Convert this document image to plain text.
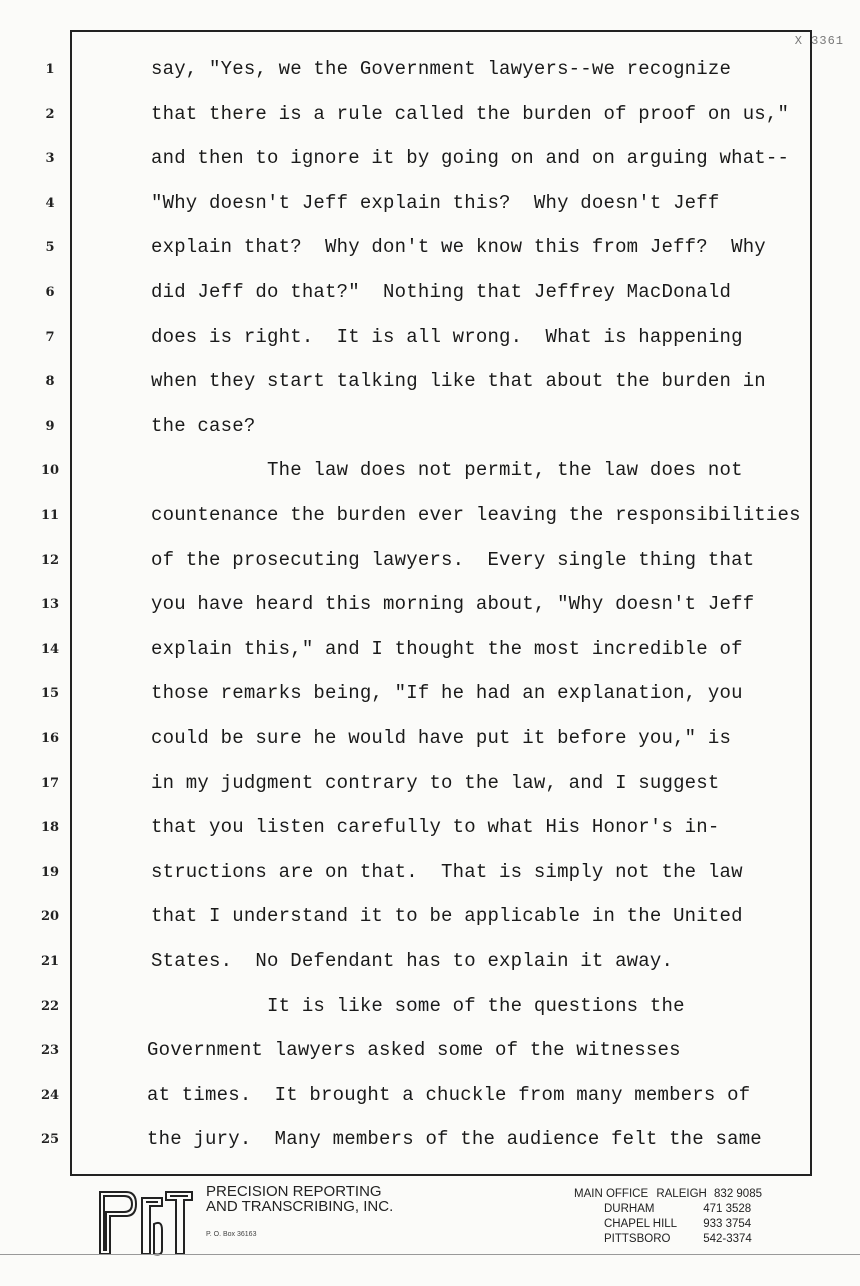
X 3361
1	say, "Yes, we the Government lawyers--we recognize
2	that there is a rule called the burden of proof on us,"
3	and then to ignore it by going on and on arguing what--
4	"Why doesn't Jeff explain this?  Why doesn't Jeff
5	explain that?  Why don't we know this from Jeff?  Why
6	did Jeff do that?"  Nothing that Jeffrey MacDonald
7	does is right.  It is all wrong.  What is happening
8	when they start talking like that about the burden in
9	the case?
10	The law does not permit, the law does not
11	countenance the burden ever leaving the responsibilities
12	of the prosecuting lawyers.  Every single thing that
13	you have heard this morning about, "Why doesn't Jeff
14	explain this," and I thought the most incredible of
15	those remarks being, "If he had an explanation, you
16	could be sure he would have put it before you," is
17	in my judgment contrary to the law, and I suggest
18	that you listen carefully to what His Honor's in-
19	structions are on that.  That is simply not the law
20	that I understand it to be applicable in the United
21	States.  No Defendant has to explain it away.
22	It is like some of the questions the
23	Government lawyers asked some of the witnesses
24	at times.  It brought a chuckle from many members of
25	the jury.  Many members of the audience felt the same
PRECISION REPORTING
AND TRANSCRIBING, INC.
P. O. Box 36163
MAIN OFFICE RALEIGH 832 9085
DURHAM	471 3528
CHAPEL HILL 933 3754
PITTSBORO	542-3374
